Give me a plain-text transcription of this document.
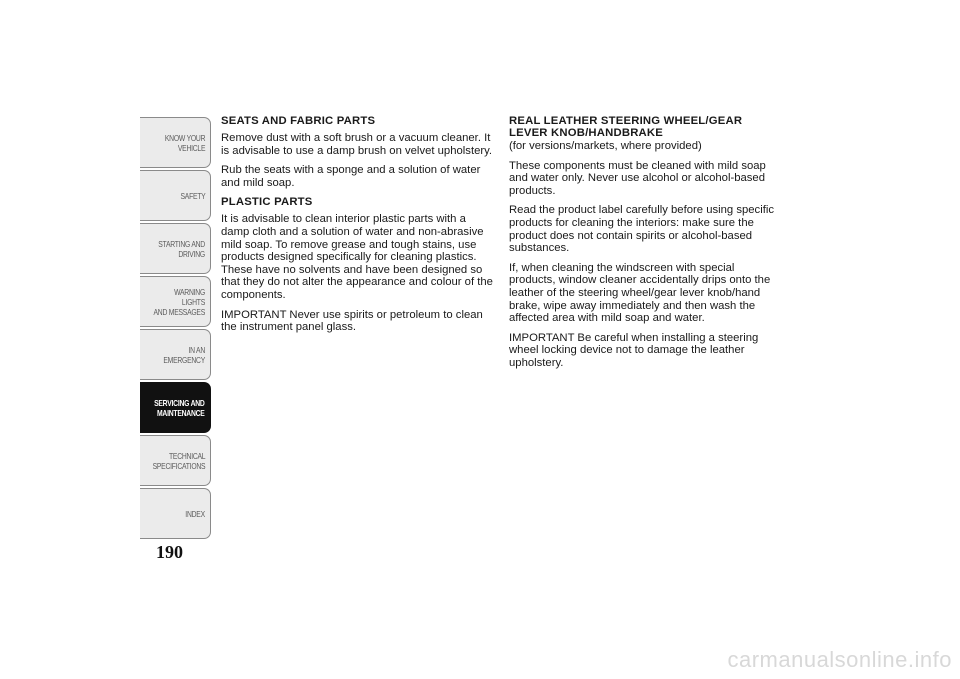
KNOW YOUR
VEHICLE
SAFETY
STARTING AND
DRIVING
WARNING LIGHTS
AND MESSAGES
IN AN EMERGENCY
SERVICING AND
MAINTENANCE
TECHNICAL
SPECIFICATIONS
INDEX
190
SEATS AND FABRIC PARTS

Remove dust with a soft brush or a vacuum cleaner. It is advisable to use a damp brush on velvet upholstery.

Rub the seats with a sponge and a solution of water and mild soap.

PLASTIC PARTS

It is advisable to clean interior plastic parts with a damp cloth and a solution of water and non-abrasive mild soap. To remove grease and tough stains, use products designed specifically for cleaning plastics. These have no solvents and have been designed so that they do not alter the appearance and colour of the components.

IMPORTANT Never use spirits or petroleum to clean the instrument panel glass.

REAL LEATHER STEERING WHEEL/GEAR LEVER KNOB/HANDBRAKE

(for versions/markets, where provided)

These components must be cleaned with mild soap and water only. Never use alcohol or alcohol-based products.

Read the product label carefully before using specific products for cleaning the interiors: make sure the product does not contain spirits or alcohol-based substances.

If, when cleaning the windscreen with special products, window cleaner accidentally drips onto the leather of the steering wheel/gear lever knob/hand brake, wipe away immediately and then wash the affected area with mild soap and water.

IMPORTANT Be careful when installing a steering wheel locking device not to damage the leather upholstery.

carmanualsonline.info
